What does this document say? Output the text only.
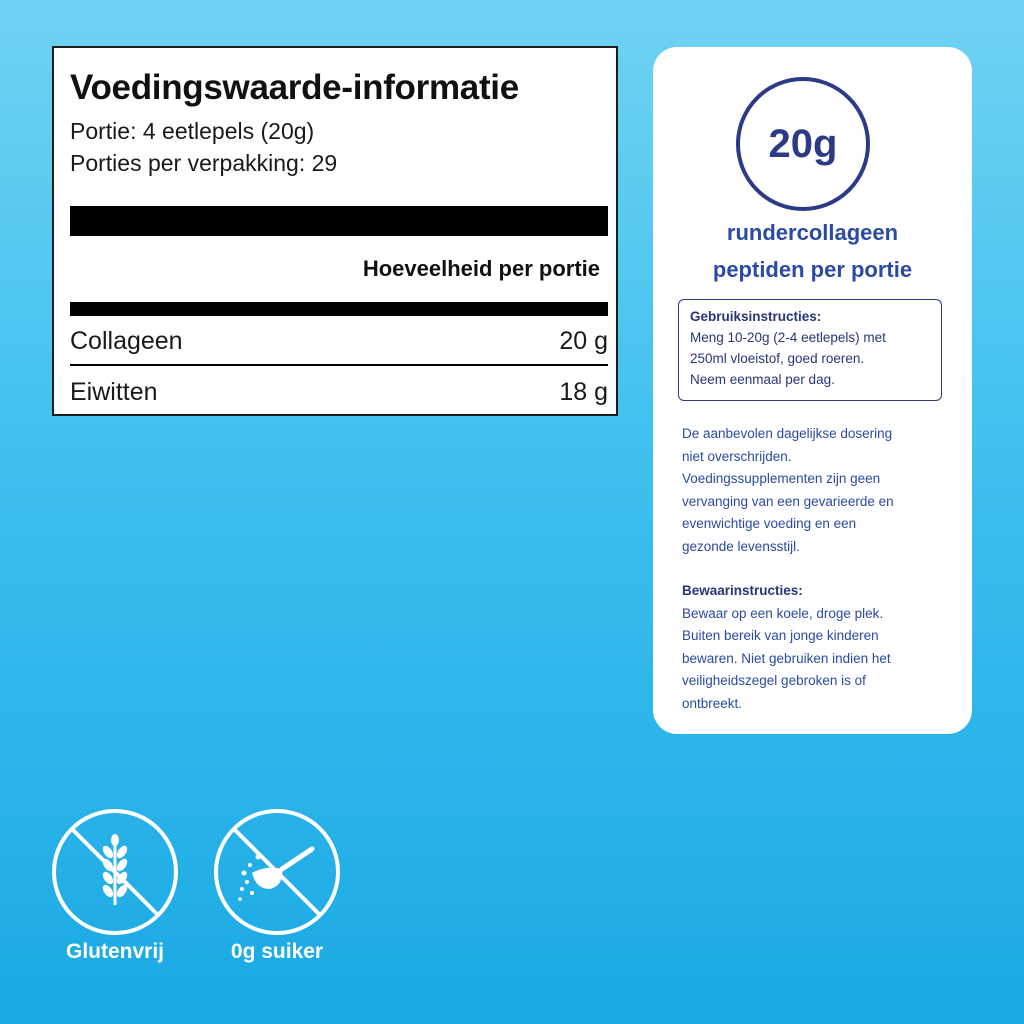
Voedingswaarde-informatie
Portie: 4 eetlepels (20g)
Porties per verpakking: 29
Hoeveelheid per portie
Collageen	20 g
Eiwitten	18 g
20g
rundercollageen
peptiden per portie
Gebruiksinstructies:
Meng 10-20g (2-4 eetlepels) met
250ml vloeistof, goed roeren.
Neem eenmaal per dag.
De aanbevolen dagelijkse dosering
niet overschrijden.
Voedingssupplementen zijn geen
vervanging van een gevarieerde en
evenwichtige voeding en een
gezonde levensstijl.
Bewaarinstructies:
Bewaar op een koele, droge plek.
Buiten bereik van jonge kinderen
bewaren. Niet gebruiken indien het
veiligheidszegel gebroken is of
ontbreekt.
Glutenvrij	0g suiker
